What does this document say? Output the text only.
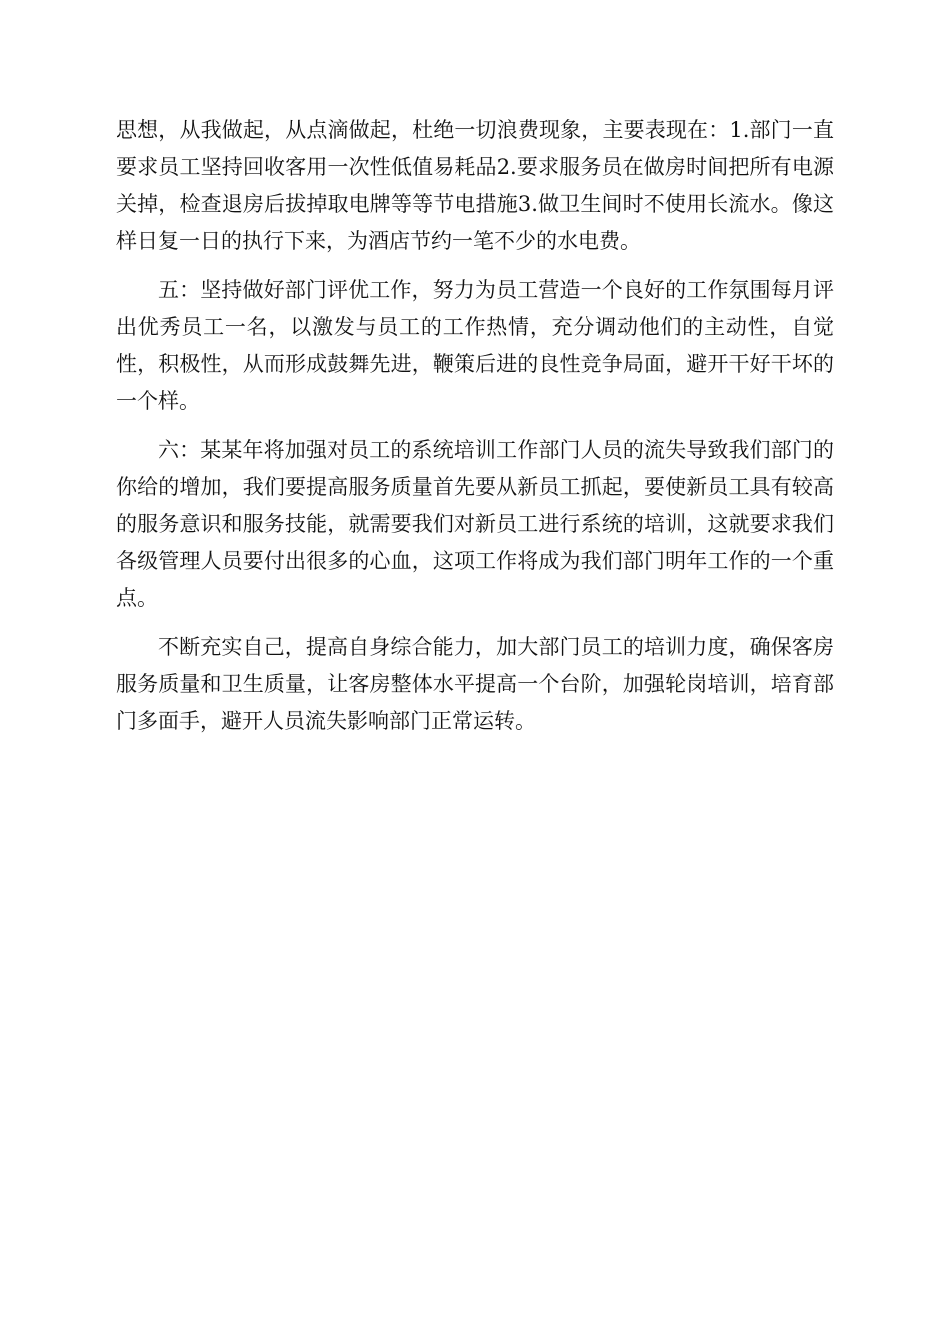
思想，从我做起，从点滴做起，杜绝一切浪费现象，主要表现在：1.部门一直要求员工坚持回收客用一次性低值易耗品2.要求服务员在做房时间把所有电源关掉，检查退房后拔掉取电牌等等节电措施3.做卫生间时不使用长流水。像这样日复一日的执行下来，为酒店节约一笔不少的水电费。

五：坚持做好部门评优工作，努力为员工营造一个良好的工作氛围每月评出优秀员工一名，以激发与员工的工作热情，充分调动他们的主动性，自觉性，积极性，从而形成鼓舞先进，鞭策后进的良性竞争局面，避开干好干坏的一个样。

六：某某年将加强对员工的系统培训工作部门人员的流失导致我们部门的你给的增加，我们要提高服务质量首先要从新员工抓起，要使新员工具有较高的服务意识和服务技能，就需要我们对新员工进行系统的培训，这就要求我们各级管理人员要付出很多的心血，这项工作将成为我们部门明年工作的一个重点。

不断充实自己，提高自身综合能力，加大部门员工的培训力度，确保客房服务质量和卫生质量，让客房整体水平提高一个台阶，加强轮岗培训，培育部门多面手，避开人员流失影响部门正常运转。
